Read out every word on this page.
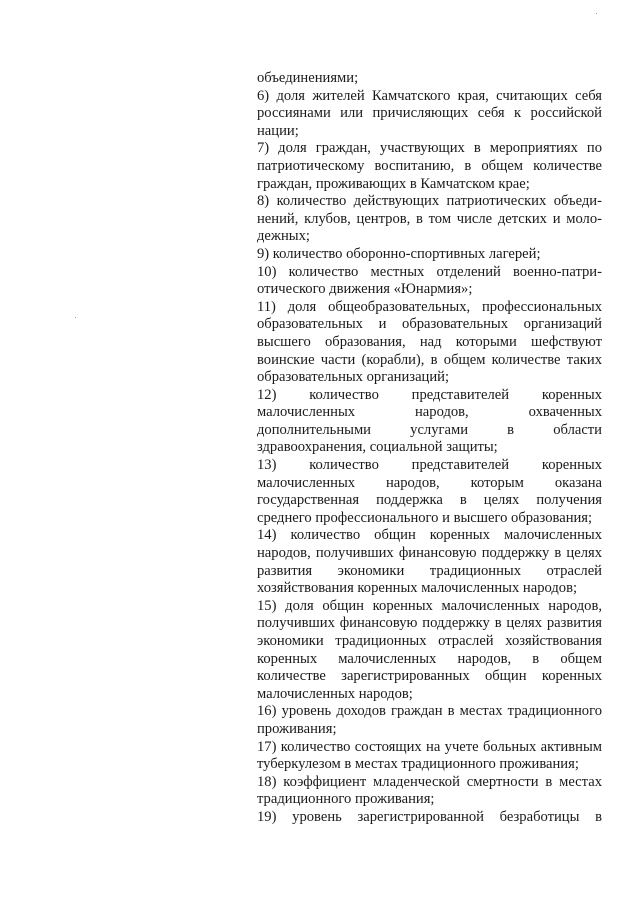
объединениями;

6) доля жителей Камчатского края, считающих себя россиянами или причисляющих себя к российской нации;

7) доля граждан, участвующих в мероприятиях по патриотическому воспитанию, в общем количестве граждан, проживающих в Камчатском крае;

8) количество действующих патриотических объединений, клубов, центров, в том числе детских и молодежных;

9) количество оборонно-спортивных лагерей;

10) количество местных отделений военно-патриотического движения «Юнармия»;

11) доля общеобразовательных, профессиональных образовательных и образовательных организаций высшего образования, над которыми шефствуют воинские части (корабли), в общем количестве таких образовательных организаций;

12) количество представителей коренных малочисленных народов, охваченных дополнительными услугами в области здравоохранения, социальной защиты;

13) количество представителей коренных малочисленных народов, которым оказана государственная поддержка в целях получения среднего профессионального и высшего образования;

14) количество общин коренных малочисленных народов, получивших финансовую поддержку в целях развития экономики традиционных отраслей хозяйствования коренных малочисленных народов;

15) доля общин коренных малочисленных народов, получивших финансовую поддержку в целях развития экономики традиционных отраслей хозяйствования коренных малочисленных народов, в общем количестве зарегистрированных общин коренных малочисленных народов;

16) уровень доходов граждан в местах традиционного проживания;

17) количество состоящих на учете больных активным туберкулезом в местах традиционного проживания;

18) коэффициент младенческой смертности в местах традиционного проживания;

19) уровень зарегистрированной безработицы в
